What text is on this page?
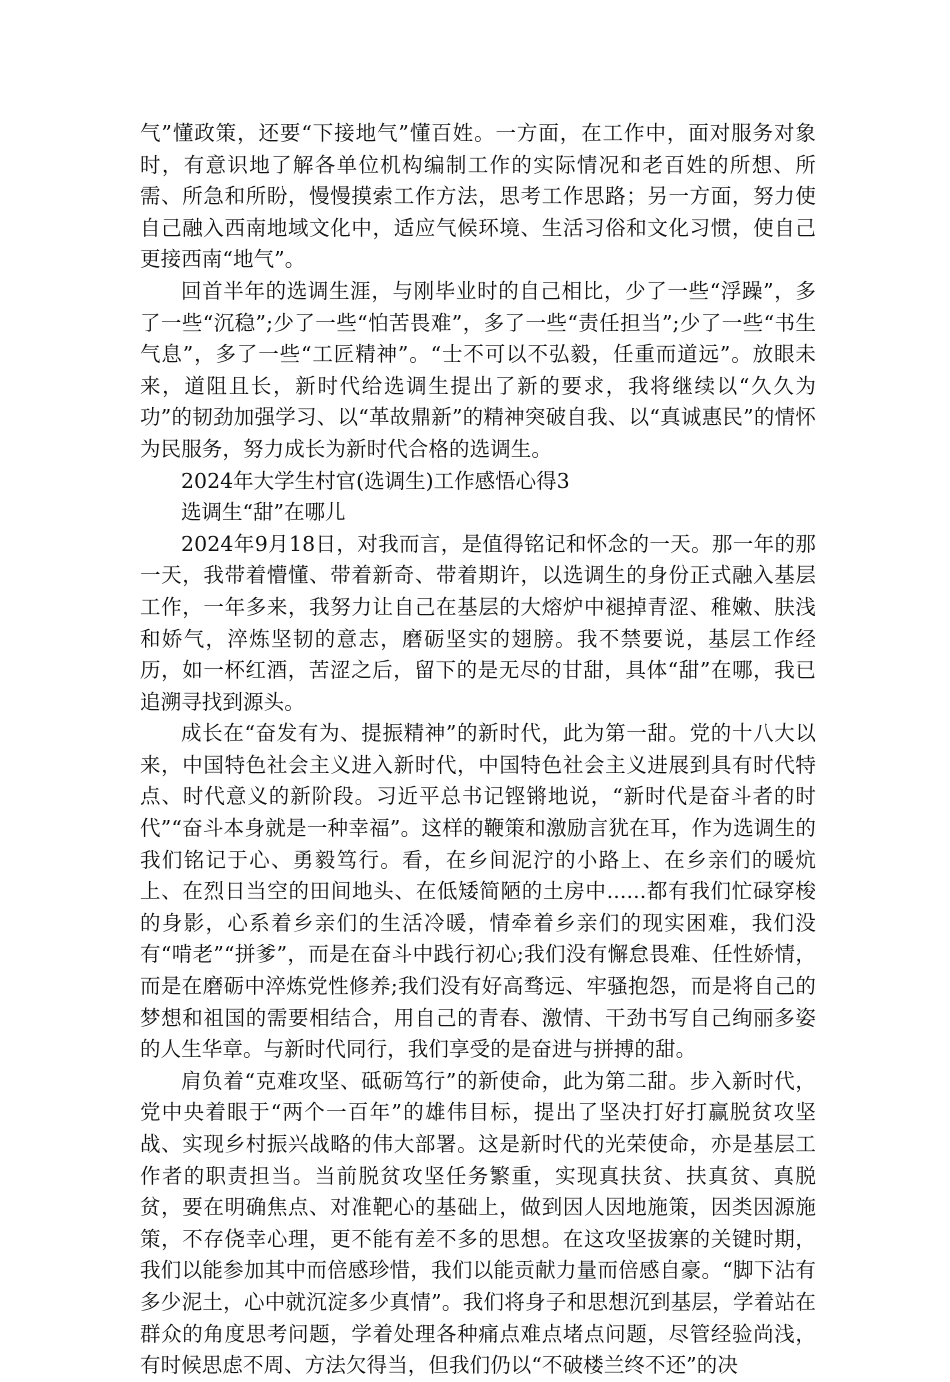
气”懂政策，还要“下接地气”懂百姓。一方面，在工作中，面对服务对象时，有意识地了解各单位机构编制工作的实际情况和老百姓的所想、所需、所急和所盼，慢慢摸索工作方法，思考工作思路；另一方面，努力使自己融入西南地域文化中，适应气候环境、生活习俗和文化习惯，使自己更接西南“地气”。

回首半年的选调生涯，与刚毕业时的自己相比，少了一些“浮躁”，多了一些“沉稳”;少了一些“怕苦畏难”，多了一些“责任担当”;少了一些“书生气息”，多了一些“工匠精神”。“士不可以不弘毅，任重而道远”。放眼未来，道阻且长，新时代给选调生提出了新的要求，我将继续以“久久为功”的韧劲加强学习、以“革故鼎新”的精神突破自我、以“真诚惠民”的情怀为民服务，努力成长为新时代合格的选调生。

2024年大学生村官(选调生)工作感悟心得3

选调生“甜”在哪儿

2024年9月18日，对我而言，是值得铭记和怀念的一天。那一年的那一天，我带着懵懂、带着新奇、带着期许，以选调生的身份正式融入基层工作，一年多来，我努力让自己在基层的大熔炉中褪掉青涩、稚嫩、肤浅和娇气，淬炼坚韧的意志，磨砺坚实的翅膀。我不禁要说，基层工作经历，如一杯红酒，苦涩之后，留下的是无尽的甘甜，具体“甜”在哪，我已追溯寻找到源头。

成长在“奋发有为、提振精神”的新时代，此为第一甜。党的十八大以来，中国特色社会主义进入新时代，中国特色社会主义进展到具有时代特点、时代意义的新阶段。习近平总书记铿锵地说，“新时代是奋斗者的时代”“奋斗本身就是一种幸福”。这样的鞭策和激励言犹在耳，作为选调生的我们铭记于心、勇毅笃行。看，在乡间泥泞的小路上、在乡亲们的暖炕上、在烈日当空的田间地头、在低矮简陋的土房中......都有我们忙碌穿梭的身影，心系着乡亲们的生活冷暖，情牵着乡亲们的现实困难，我们没有“啃老”“拼爹”，而是在奋斗中践行初心;我们没有懈怠畏难、任性娇情，而是在磨砺中淬炼党性修养;我们没有好高骛远、牢骚抱怨，而是将自己的梦想和祖国的需要相结合，用自己的青春、激情、干劲书写自己绚丽多姿的人生华章。与新时代同行，我们享受的是奋进与拼搏的甜。

肩负着“克难攻坚、砥砺笃行”的新使命，此为第二甜。步入新时代，党中央着眼于“两个一百年”的雄伟目标，提出了坚决打好打赢脱贫攻坚战、实现乡村振兴战略的伟大部署。这是新时代的光荣使命，亦是基层工作者的职责担当。当前脱贫攻坚任务繁重，实现真扶贫、扶真贫、真脱贫，要在明确焦点、对准靶心的基础上，做到因人因地施策，因类因源施策，不存侥幸心理，更不能有差不多的思想。在这攻坚拔寨的关键时期，我们以能参加其中而倍感珍惜，我们以能贡献力量而倍感自豪。“脚下沾有多少泥土，心中就沉淀多少真情”。我们将身子和思想沉到基层，学着站在群众的角度思考问题，学着处理各种痛点难点堵点问题，尽管经验尚浅，有时候思虑不周、方法欠得当，但我们仍以“不破楼兰终不还”的决
